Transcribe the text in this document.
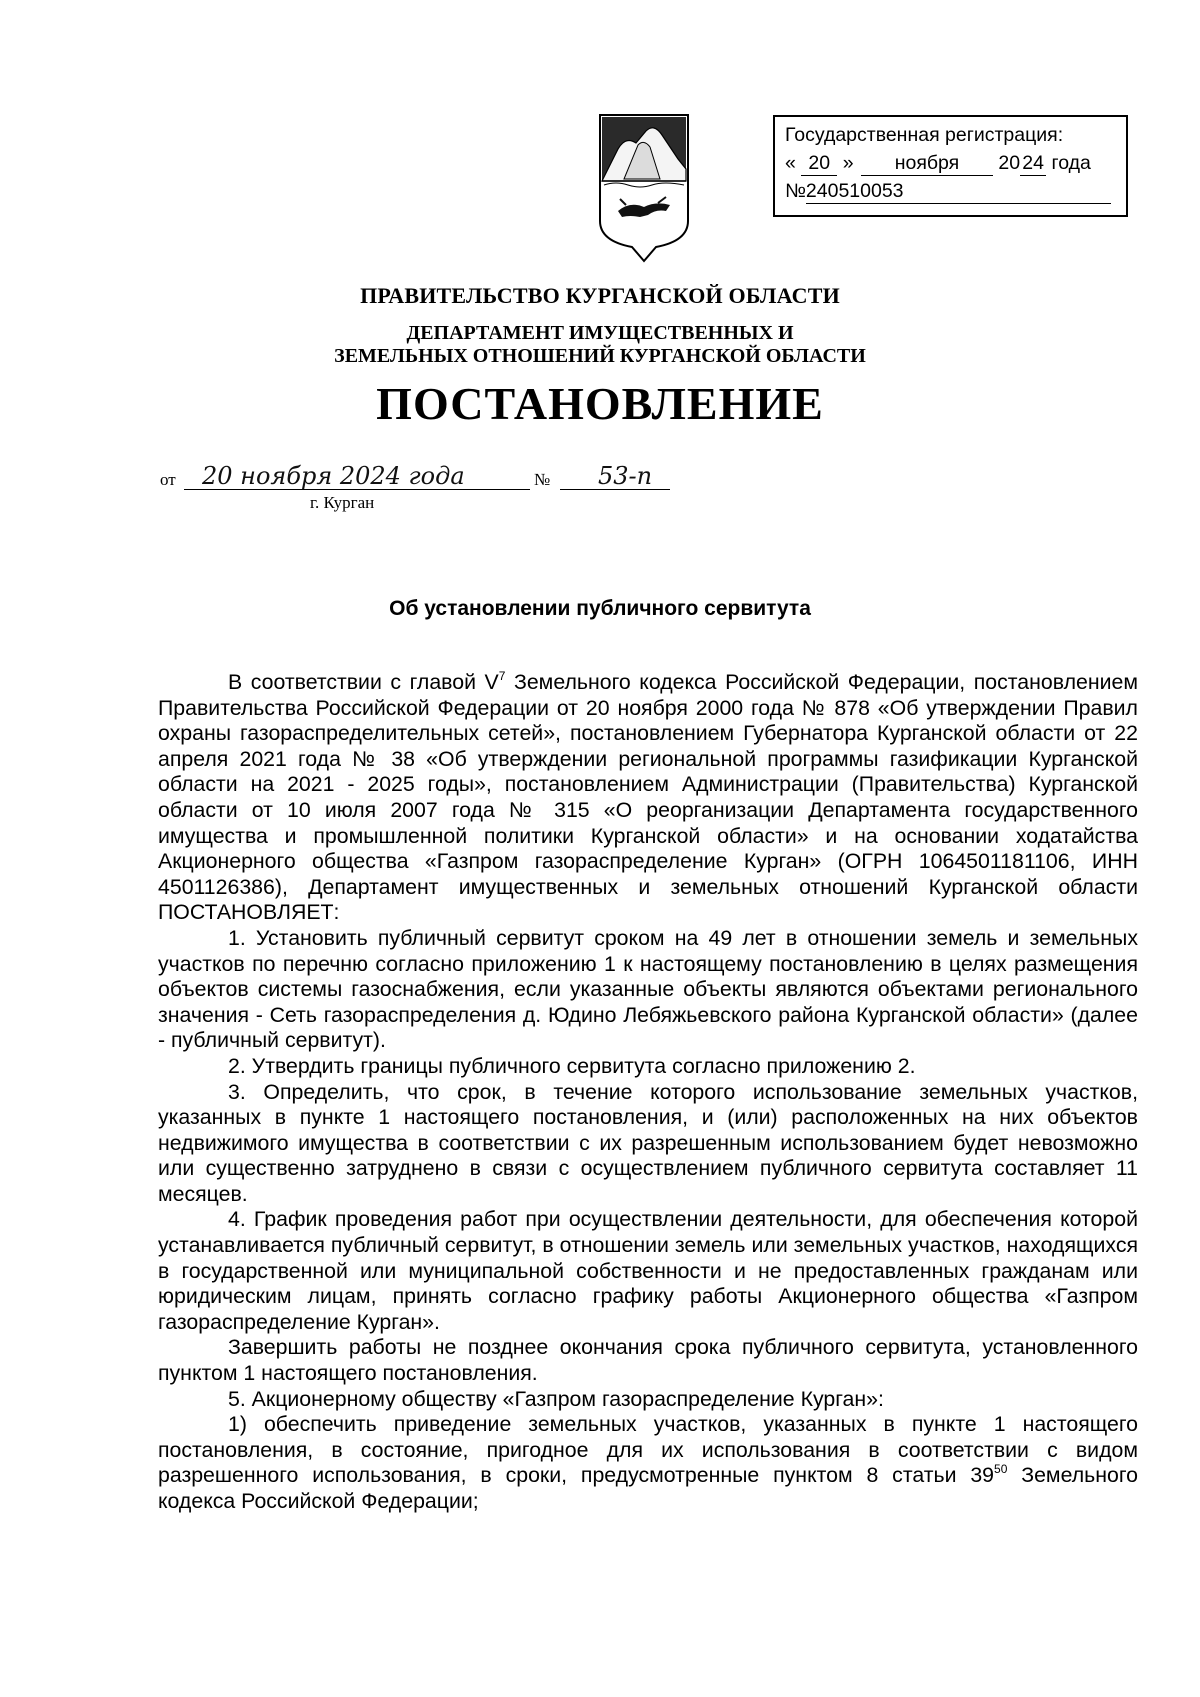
Государственная регистрация:
« 20 » ноября 20 24 года
№240510053
ПРАВИТЕЛЬСТВО КУРГАНСКОЙ ОБЛАСТИ
ДЕПАРТАМЕНТ ИМУЩЕСТВЕННЫХ И
ЗЕМЕЛЬНЫХ ОТНОШЕНИЙ КУРГАНСКОЙ ОБЛАСТИ
ПОСТАНОВЛЕНИЕ
от 20 ноября 2024 года	№ 53-п
г. Курган
Об установлении публичного сервитута

В соответствии с главой $V^7$ Земельного кодекса Российской Федерации, постановлением Правительства Российской Федерации от 20 ноября 2000 года № 878 «Об утверждении Правил охраны газораспределительных сетей», постановлением Губернатора Курганской области от 22 апреля 2021 года № 38 «Об утверждении региональной программы газификации Курганской области на 2021 - 2025 годы», постановлением Администрации (Правительства) Курганской области от 10 июля 2007 года № 315 «О реорганизации Департамента государственного имущества и промышленной политики Курганской области» и на основании ходатайства Акционерного общества «Газпром газораспределение Курган» (ОГРН 1064501181106, ИНН 4501126386), Департамент имущественных и земельных отношений Курганской области ПОСТАНОВЛЯЕТ:

1. Установить публичный сервитут сроком на 49 лет в отношении земель и земельных участков по перечню согласно приложению 1 к настоящему постановлению в целях размещения объектов системы газоснабжения, если указанные объекты являются объектами регионального значения - Сеть газораспределения д. Юдино Лебяжьевского района Курганской области» (далее - публичный сервитут).

2. Утвердить границы публичного сервитута согласно приложению 2.

3. Определить, что срок, в течение которого использование земельных участков, указанных в пункте 1 настоящего постановления, и (или) расположенных на них объектов недвижимого имущества в соответствии с их разрешенным использованием будет невозможно или существенно затруднено в связи с осуществлением публичного сервитута составляет 11 месяцев.

4. График проведения работ при осуществлении деятельности, для обеспечения которой устанавливается публичный сервитут, в отношении земель или земельных участков, находящихся в государственной или муниципальной собственности и не предоставленных гражданам или юридическим лицам, принять согласно графику работы Акционерного общества «Газпром газораспределение Курган».

Завершить работы не позднее окончания срока публичного сервитута, установленного пунктом 1 настоящего постановления.

5. Акционерному обществу «Газпром газораспределение Курган»:

1) обеспечить приведение земельных участков, указанных в пункте 1 настоящего постановления, в состояние, пригодное для их использования в соответствии с видом разрешенного использования, в сроки, предусмотренные пунктом 8 статьи $39^{50}$ Земельного кодекса Российской Федерации;
